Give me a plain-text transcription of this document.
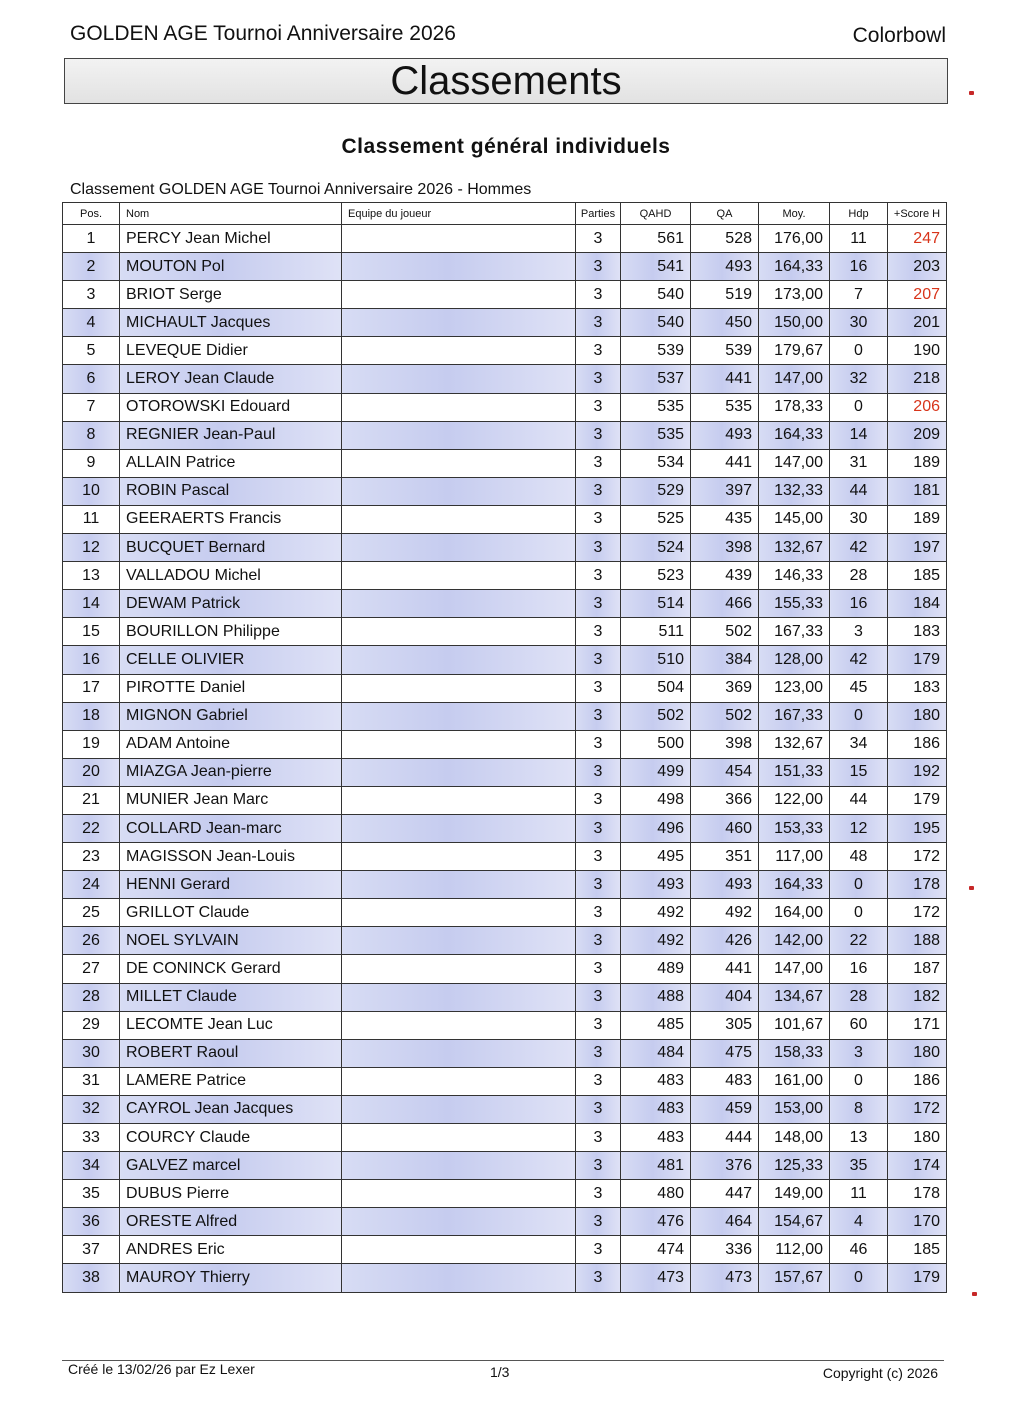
GOLDEN AGE Tournoi Anniversaire 2026	Colorbowl
Classements
Classement général individuels
Classement GOLDEN AGE Tournoi Anniversaire 2026 - Hommes
Pos.	Nom	Equipe du joueur	Parties	QAHD	QA	Moy.	Hdp	+Score H
1	PERCY Jean Michel		3	561	528	176,00	11	247
2	MOUTON Pol		3	541	493	164,33	16	203
3	BRIOT Serge		3	540	519	173,00	7	207
4	MICHAULT Jacques		3	540	450	150,00	30	201
5	LEVEQUE Didier		3	539	539	179,67	0	190
6	LEROY Jean Claude		3	537	441	147,00	32	218
7	OTOROWSKI Edouard		3	535	535	178,33	0	206
8	REGNIER Jean-Paul		3	535	493	164,33	14	209
9	ALLAIN Patrice		3	534	441	147,00	31	189
10	ROBIN Pascal		3	529	397	132,33	44	181
11	GEERAERTS Francis		3	525	435	145,00	30	189
12	BUCQUET Bernard		3	524	398	132,67	42	197
13	VALLADOU Michel		3	523	439	146,33	28	185
14	DEWAM Patrick		3	514	466	155,33	16	184
15	BOURILLON Philippe		3	511	502	167,33	3	183
16	CELLE OLIVIER		3	510	384	128,00	42	179
17	PIROTTE Daniel		3	504	369	123,00	45	183
18	MIGNON Gabriel		3	502	502	167,33	0	180
19	ADAM Antoine		3	500	398	132,67	34	186
20	MIAZGA Jean-pierre		3	499	454	151,33	15	192
21	MUNIER Jean Marc		3	498	366	122,00	44	179
22	COLLARD Jean-marc		3	496	460	153,33	12	195
23	MAGISSON Jean-Louis		3	495	351	117,00	48	172
24	HENNI Gerard		3	493	493	164,33	0	178
25	GRILLOT Claude		3	492	492	164,00	0	172
26	NOEL SYLVAIN		3	492	426	142,00	22	188
27	DE CONINCK Gerard		3	489	441	147,00	16	187
28	MILLET Claude		3	488	404	134,67	28	182
29	LECOMTE Jean Luc		3	485	305	101,67	60	171
30	ROBERT Raoul		3	484	475	158,33	3	180
31	LAMERE Patrice		3	483	483	161,00	0	186
32	CAYROL Jean Jacques		3	483	459	153,00	8	172
33	COURCY Claude		3	483	444	148,00	13	180
34	GALVEZ marcel		3	481	376	125,33	35	174
35	DUBUS Pierre		3	480	447	149,00	11	178
36	ORESTE Alfred		3	476	464	154,67	4	170
37	ANDRES Eric		3	474	336	112,00	46	185
38	MAUROY Thierry		3	473	473	157,67	0	179
Créé le 13/02/26 par Ez Lexer	1/3	Copyright (c) 2026
